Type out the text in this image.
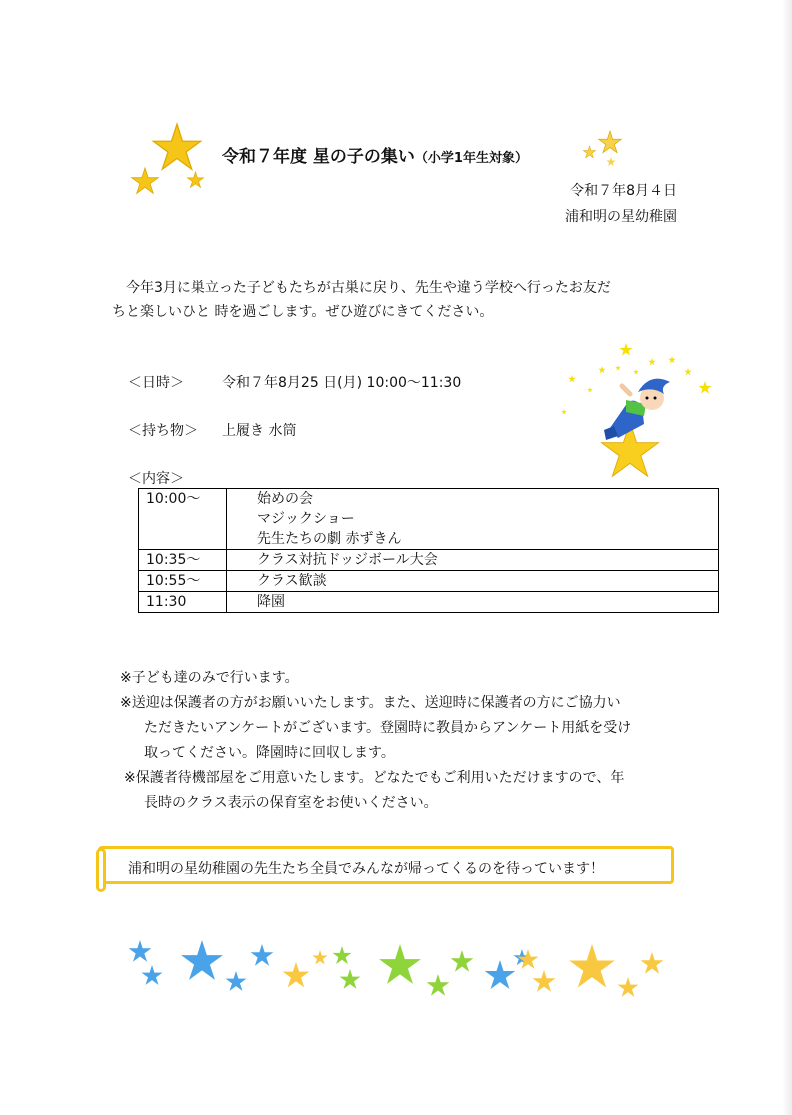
令和７年度 星の子の集い（小学1年生対象）
令和７年8月４日
浦和明の星幼稚園

今年3月に巣立った子どもたちが古巣に戻り、先生や違う学校へ行ったお友だ

ちと楽しいひと 時を過ごします。ぜひ遊びにきてください。

＜日時＞	令和７年8月25 日(月) 10:00～11:30
＜持ち物＞ 上履き 水筒
＜内容＞
10:00～	始めの会
マジックショー
先生たちの劇 赤ずきん

10:35～	クラス対抗ドッジボール大会
10:55～	クラス歓談
11:30	降園

※子ども達のみで行います。

※送迎は保護者の方がお願いいたします。また、送迎時に保護者の方にご協力い

ただきたいアンケートがございます。登園時に教員からアンケート用紙を受け

取ってください。降園時に回収します。

※保護者待機部屋をご用意いたします。どなたでもご利用いただけますので、年

長時のクラス表示の保育室をお使いください。

浦和明の星幼稚園の先生たち全員でみんなが帰ってくるのを待っています！
